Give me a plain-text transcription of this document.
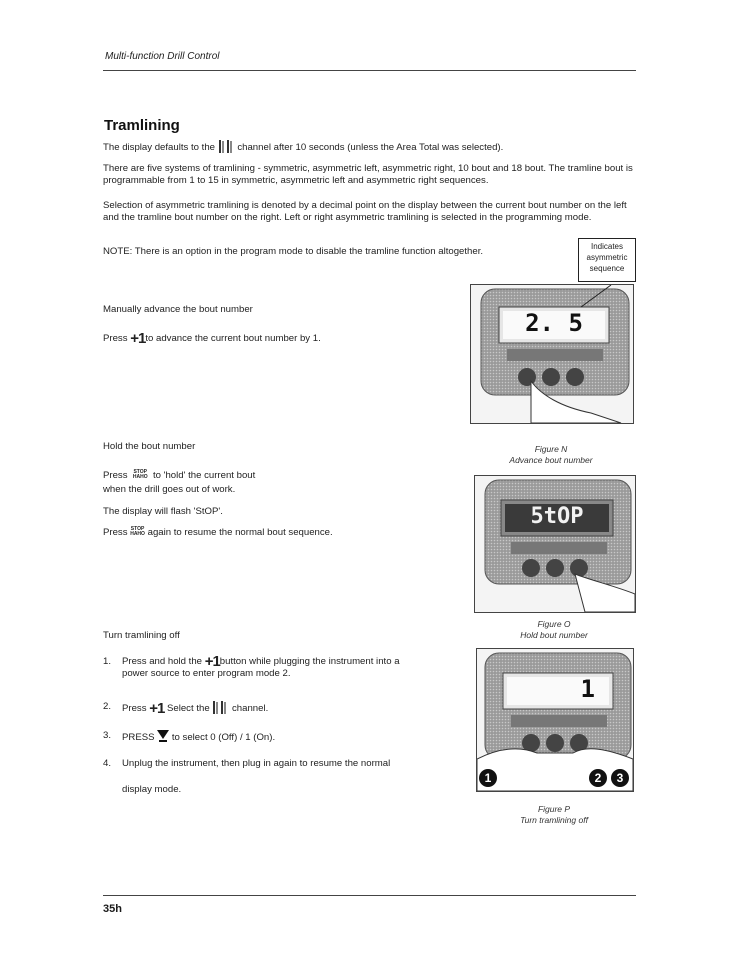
Multi-function Drill Control
Tramlining
The display defaults to the channel after 10 seconds (unless the Area Total was selected).
There are five systems of tramlining - symmetric, asymmetric left, asymmetric right, 10 bout and 18 bout. The tramline bout is programmable from 1 to 15 in symmetric, asymmetric left and asymmetric right sequences.
Selection of asymmetric tramlining is denoted by a decimal point on the display between the current bout number on the left and the tramline bout number on the right. Left or right asymmetric tramlining is selected in the programming mode.
NOTE: There is an option in the program mode to disable the tramline function altogether.	Indicates
asymmetric
sequence
Manually advance the bout number
Press +1to advance the current bout number by 1.
Hold the bout number
Press STOP
HAHO to 'hold' the current bout
when the drill goes out of work.
The display will flash 'StOP'.
Press STOP
HAHO again to resume the normal bout sequence.
Turn tramlining off
1. Press and hold the +1button while plugging the instrument into a
power source to enter program mode 2.
2. Press +1 Select the channel.
3. PRESS to select 0 (Off) / 1 (On).
4. Unplug the instrument, then plug in again to resume the normal
display mode.
2. 5
Figure N
Advance bout number
5tOP
Figure O
Hold bout number
1
1	2	3
Figure P
Turn tramlining off
35h
